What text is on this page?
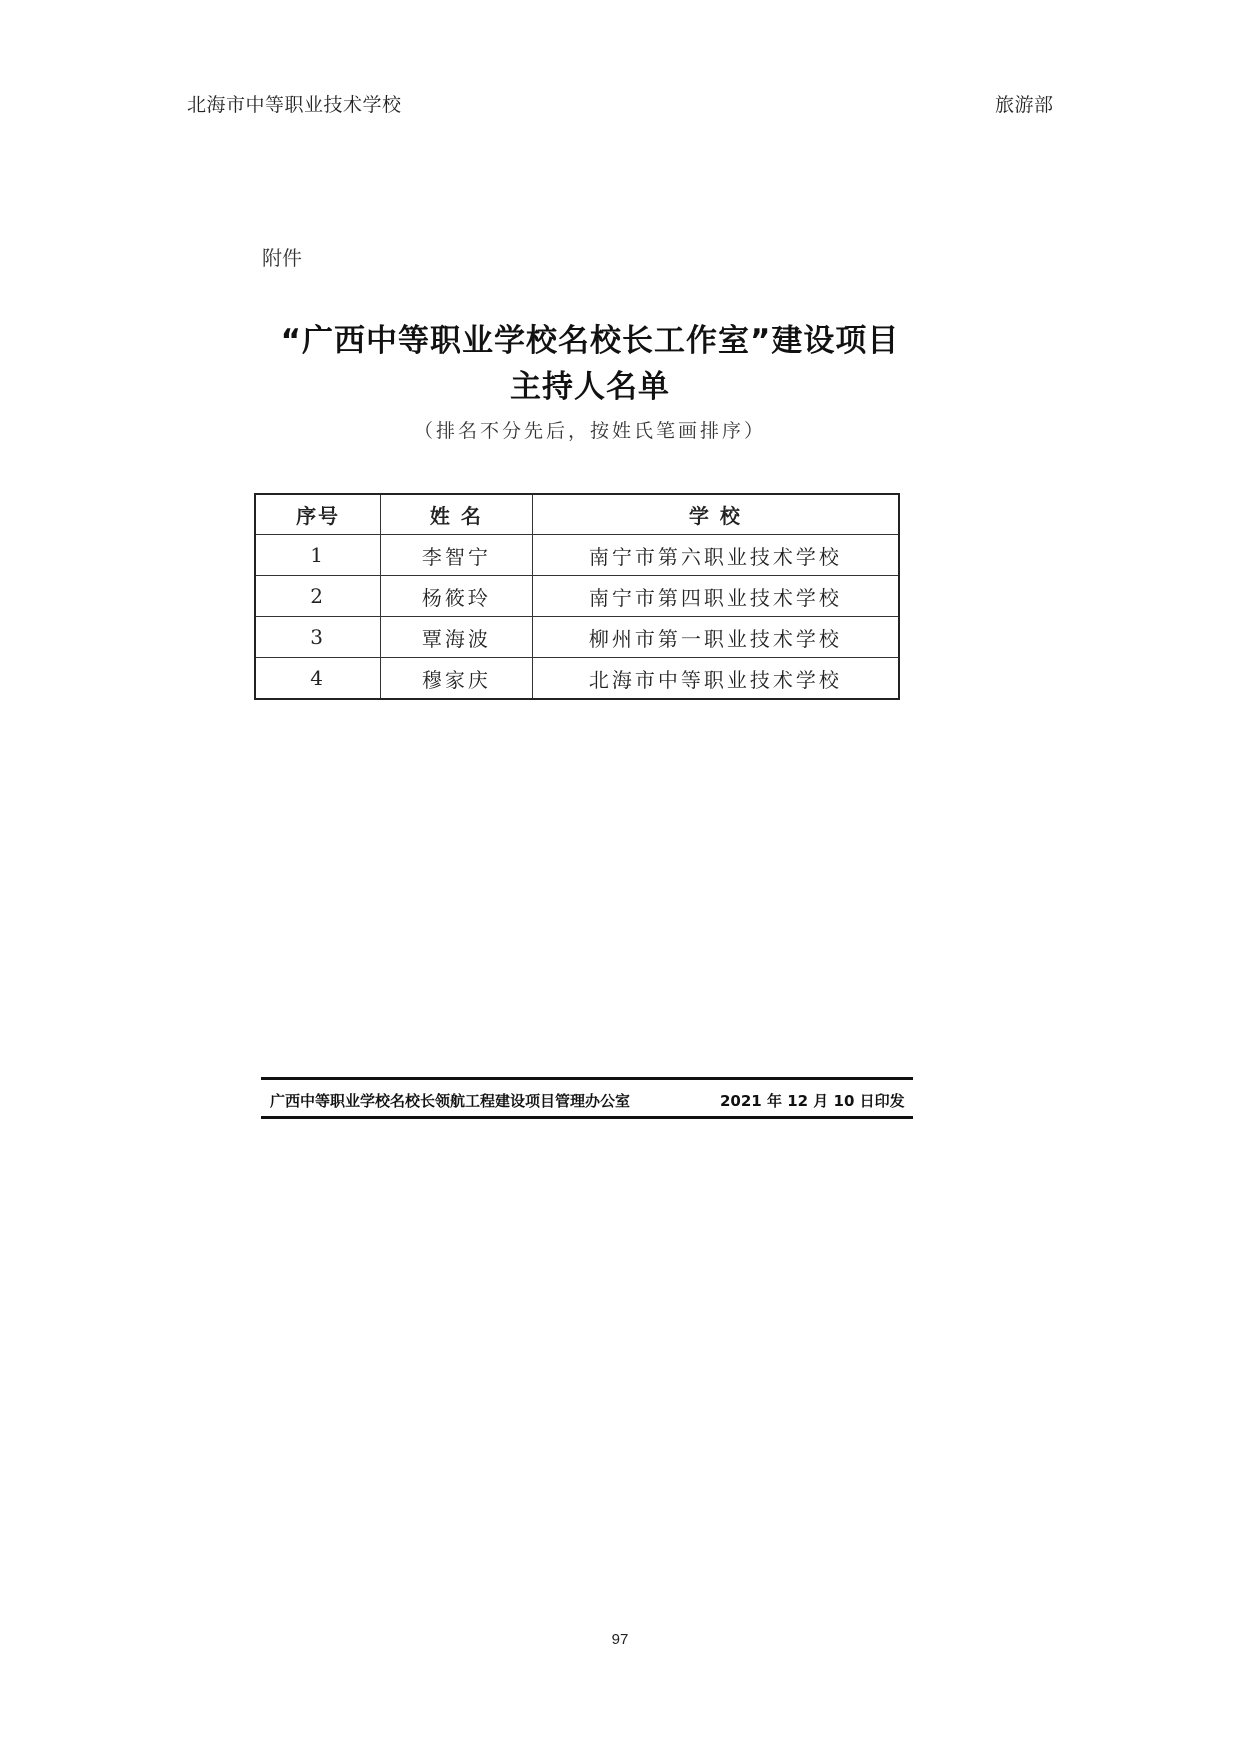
北海市中等职业技术学校	旅游部
附件
“广西中等职业学校名校长工作室”建设项目
主持人名单
（排名不分先后，按姓氏笔画排序）
序号	姓 名	学 校
1	李智宁	南宁市第六职业技术学校
2	杨筱玲	南宁市第四职业技术学校
3	覃海波	柳州市第一职业技术学校
4	穆家庆	北海市中等职业技术学校
广西中等职业学校名校长领航工程建设项目管理办公室	2021 年 12 月 10 日印发
97
